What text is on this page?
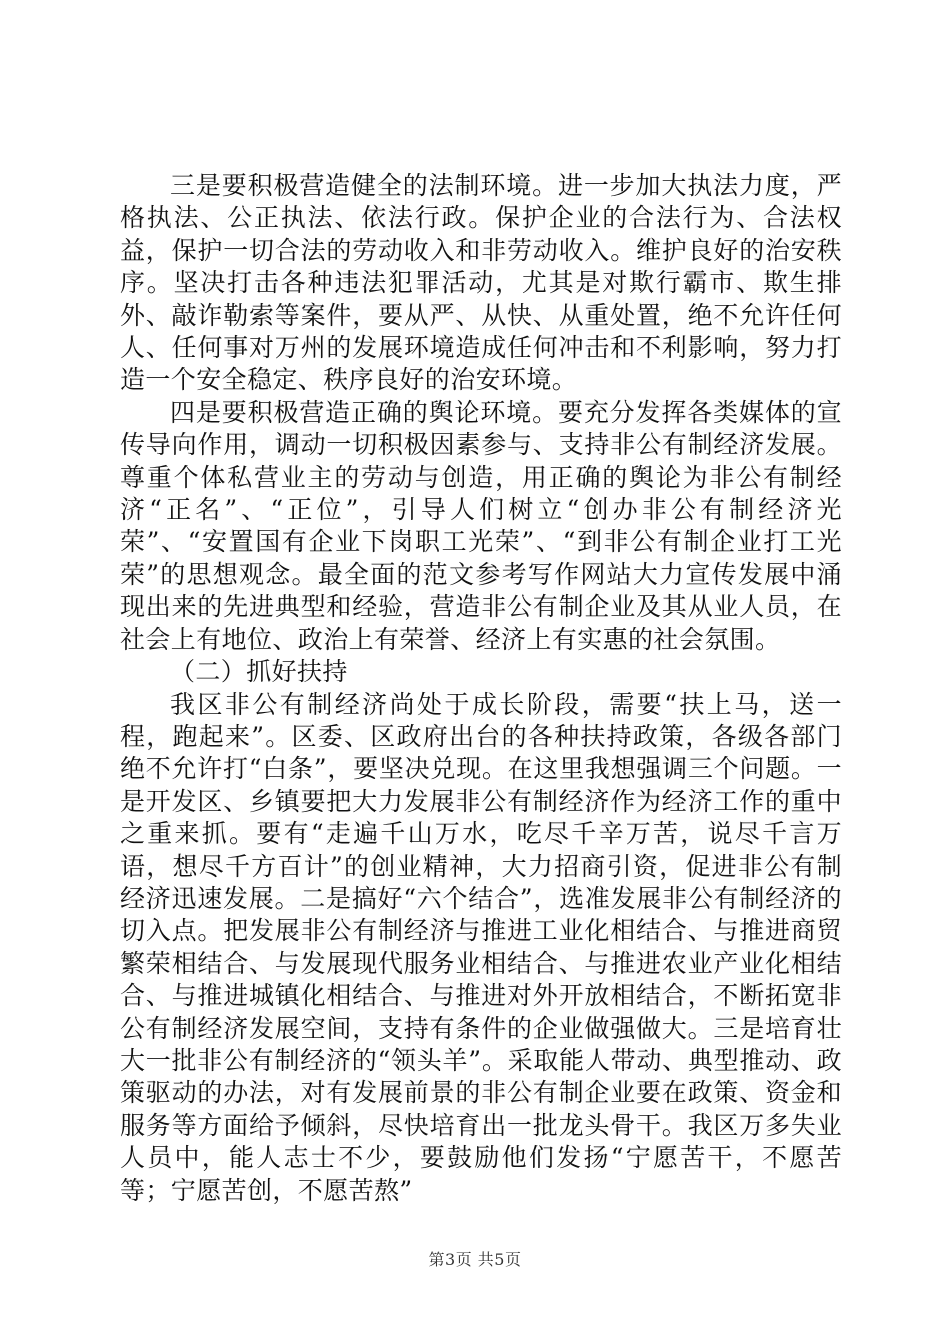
三是要积极营造健全的法制环境。进一步加大执法力度，严格执法、公正执法、依法行政。保护企业的合法行为、合法权益，保护一切合法的劳动收入和非劳动收入。维护良好的治安秩序。坚决打击各种违法犯罪活动，尤其是对欺行霸市、欺生排外、敲诈勒索等案件，要从严、从快、从重处置，绝不允许任何人、任何事对万州的发展环境造成任何冲击和不利影响，努力打造一个安全稳定、秩序良好的治安环境。

四是要积极营造正确的舆论环境。要充分发挥各类媒体的宣传导向作用，调动一切积极因素参与、支持非公有制经济发展。尊重个体私营业主的劳动与创造，用正确的舆论为非公有制经济“正名”、“正位”，引导人们树立“创办非公有制经济光荣”、“安置国有企业下岗职工光荣”、“到非公有制企业打工光荣”的思想观念。最全面的范文参考写作网站大力宣传发展中涌现出来的先进典型和经验，营造非公有制企业及其从业人员，在社会上有地位、政治上有荣誉、经济上有实惠的社会氛围。

（二）抓好扶持

我区非公有制经济尚处于成长阶段，需要“扶上马，送一程，跑起来”。区委、区政府出台的各种扶持政策，各级各部门绝不允许打“白条”，要坚决兑现。在这里我想强调三个问题。一是开发区、乡镇要把大力发展非公有制经济作为经济工作的重中之重来抓。要有“走遍千山万水，吃尽千辛万苦，说尽千言万语，想尽千方百计”的创业精神，大力招商引资，促进非公有制经济迅速发展。二是搞好“六个结合”，选准发展非公有制经济的切入点。把发展非公有制经济与推进工业化相结合、与推进商贸繁荣相结合、与发展现代服务业相结合、与推进农业产业化相结合、与推进城镇化相结合、与推进对外开放相结合，不断拓宽非公有制经济发展空间，支持有条件的企业做强做大。三是培育壮大一批非公有制经济的“领头羊”。采取能人带动、典型推动、政策驱动的办法，对有发展前景的非公有制企业要在政策、资金和服务等方面给予倾斜，尽快培育出一批龙头骨干。我区万多失业人员中，能人志士不少，要鼓励他们发扬“宁愿苦干，不愿苦等；宁愿苦创，不愿苦熬”

第3页 共5页
